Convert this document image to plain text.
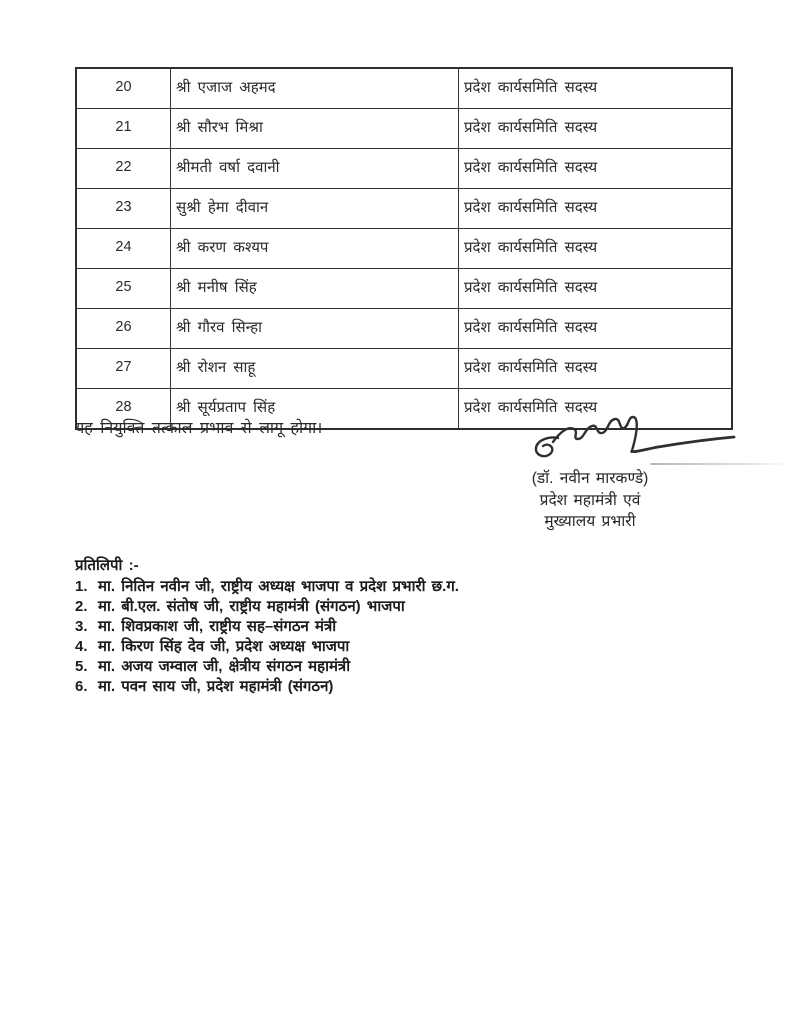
20	श्री एजाज अहमद	प्रदेश कार्यसमिति सदस्य
21	श्री सौरभ मिश्रा	प्रदेश कार्यसमिति सदस्य
22	श्रीमती वर्षा दवानी	प्रदेश कार्यसमिति सदस्य
23	सुश्री हेमा दीवान	प्रदेश कार्यसमिति सदस्य
24	श्री करण कश्यप	प्रदेश कार्यसमिति सदस्य
25	श्री मनीष सिंह	प्रदेश कार्यसमिति सदस्य
26	श्री गौरव सिन्हा	प्रदेश कार्यसमिति सदस्य
27	श्री रोशन साहू	प्रदेश कार्यसमिति सदस्य
28	श्री सूर्यप्रताप सिंह	प्रदेश कार्यसमिति सदस्य
यह नियुक्ति तत्काल प्रभाव से लागू होगा।
(डॉ. नवीन मारकण्डे)
प्रदेश महामंत्री एवं
मुख्यालय प्रभारी
प्रतिलिपी :-
1. मा. नितिन नवीन जी, राष्ट्रीय अध्यक्ष भाजपा व प्रदेश प्रभारी छ.ग.
2. मा. बी.एल. संतोष जी, राष्ट्रीय महामंत्री (संगठन) भाजपा
3. मा. शिवप्रकाश जी, राष्ट्रीय सह–संगठन मंत्री
4. मा. किरण सिंह देव जी, प्रदेश अध्यक्ष भाजपा
5. मा. अजय जम्वाल जी, क्षेत्रीय संगठन महामंत्री
6. मा. पवन साय जी, प्रदेश महामंत्री (संगठन)
